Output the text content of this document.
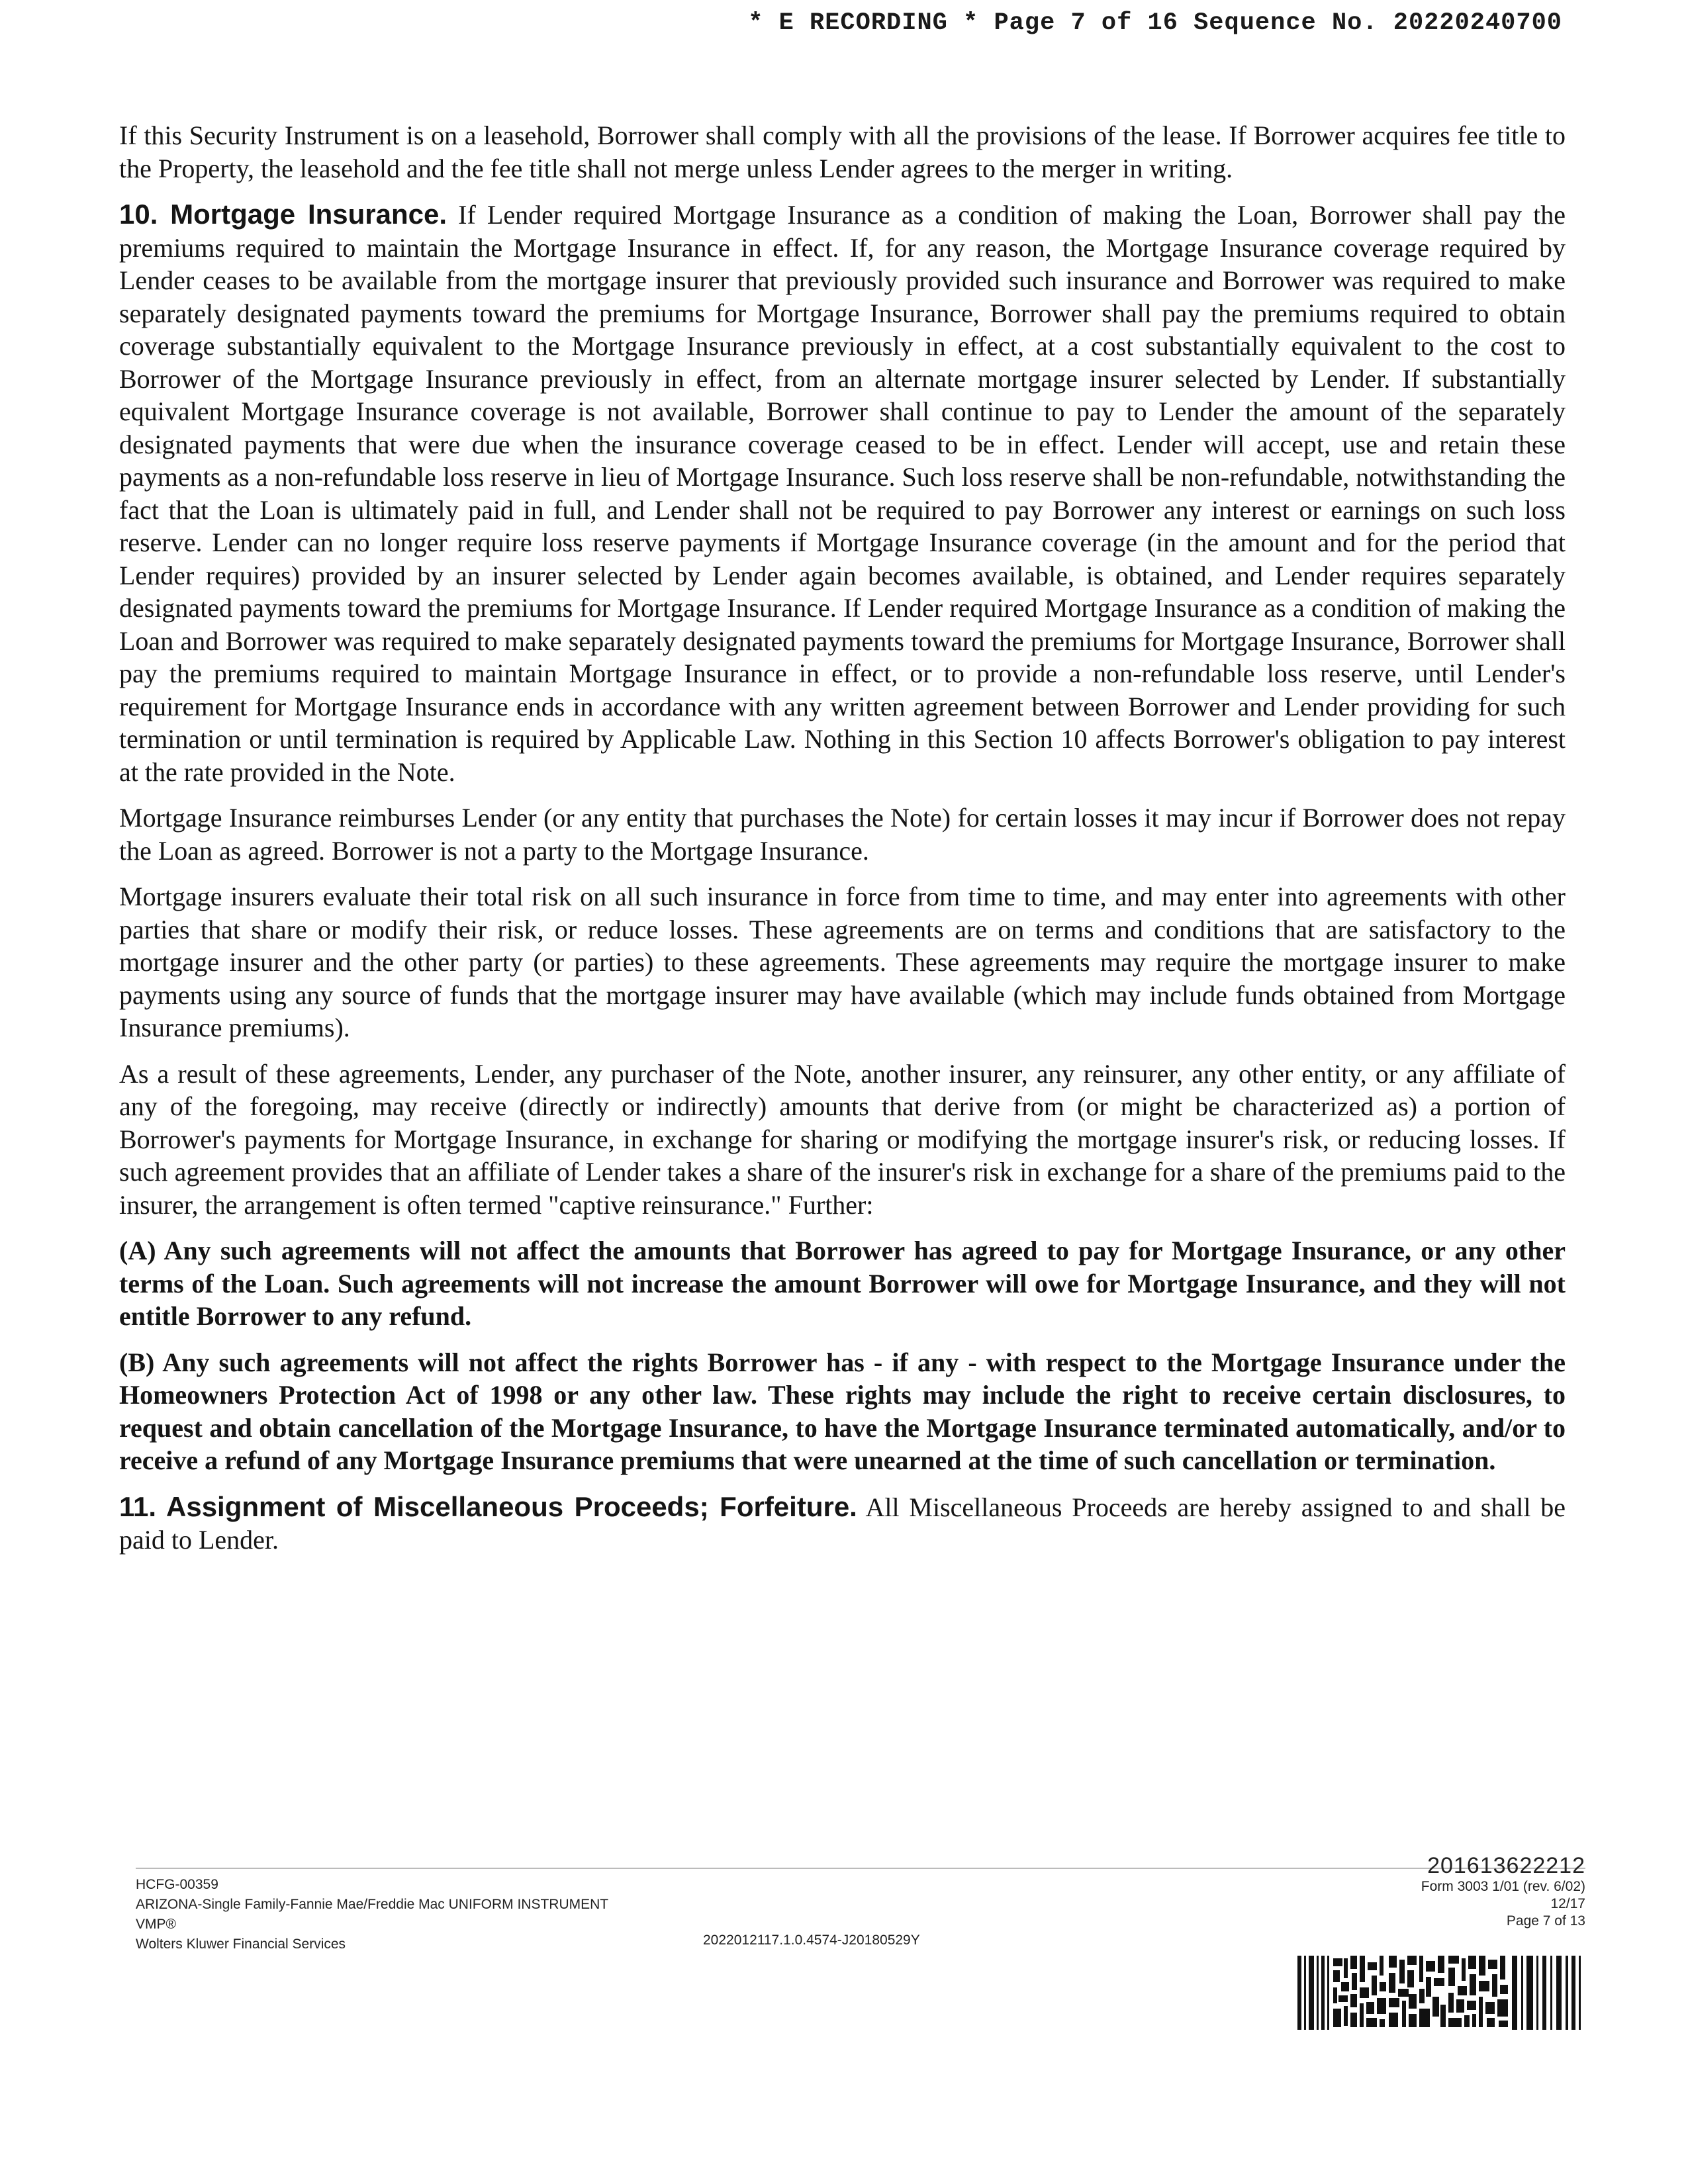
* E RECORDING * Page 7 of 16 Sequence No. 20220240700

If this Security Instrument is on a leasehold, Borrower shall comply with all the provisions of the lease. If Borrower acquires fee title to the Property, the leasehold and the fee title shall not merge unless Lender agrees to the merger in writing.

10. Mortgage Insurance. If Lender required Mortgage Insurance as a condition of making the Loan, Borrower shall pay the premiums required to maintain the Mortgage Insurance in effect. If, for any reason, the Mortgage Insurance coverage required by Lender ceases to be available from the mortgage insurer that previously provided such insurance and Borrower was required to make separately designated payments toward the premiums for Mortgage Insurance, Borrower shall pay the premiums required to obtain coverage substantially equivalent to the Mortgage Insurance previously in effect, at a cost substantially equivalent to the cost to Borrower of the Mortgage Insurance previously in effect, from an alternate mortgage insurer selected by Lender. If substantially equivalent Mortgage Insurance coverage is not available, Borrower shall continue to pay to Lender the amount of the separately designated payments that were due when the insurance coverage ceased to be in effect. Lender will accept, use and retain these payments as a non-refundable loss reserve in lieu of Mortgage Insurance. Such loss reserve shall be non-refundable, notwithstanding the fact that the Loan is ultimately paid in full, and Lender shall not be required to pay Borrower any interest or earnings on such loss reserve. Lender can no longer require loss reserve payments if Mortgage Insurance coverage (in the amount and for the period that Lender requires) provided by an insurer selected by Lender again becomes available, is obtained, and Lender requires separately designated payments toward the premiums for Mortgage Insurance. If Lender required Mortgage Insurance as a condition of making the Loan and Borrower was required to make separately designated payments toward the premiums for Mortgage Insurance, Borrower shall pay the premiums required to maintain Mortgage Insurance in effect, or to provide a non-refundable loss reserve, until Lender's requirement for Mortgage Insurance ends in accordance with any written agreement between Borrower and Lender providing for such termination or until termination is required by Applicable Law. Nothing in this Section 10 affects Borrower's obligation to pay interest at the rate provided in the Note.

Mortgage Insurance reimburses Lender (or any entity that purchases the Note) for certain losses it may incur if Borrower does not repay the Loan as agreed. Borrower is not a party to the Mortgage Insurance.

Mortgage insurers evaluate their total risk on all such insurance in force from time to time, and may enter into agreements with other parties that share or modify their risk, or reduce losses. These agreements are on terms and conditions that are satisfactory to the mortgage insurer and the other party (or parties) to these agreements. These agreements may require the mortgage insurer to make payments using any source of funds that the mortgage insurer may have available (which may include funds obtained from Mortgage Insurance premiums).

As a result of these agreements, Lender, any purchaser of the Note, another insurer, any reinsurer, any other entity, or any affiliate of any of the foregoing, may receive (directly or indirectly) amounts that derive from (or might be characterized as) a portion of Borrower's payments for Mortgage Insurance, in exchange for sharing or modifying the mortgage insurer's risk, or reducing losses. If such agreement provides that an affiliate of Lender takes a share of the insurer's risk in exchange for a share of the premiums paid to the insurer, the arrangement is often termed "captive reinsurance." Further:

(A) Any such agreements will not affect the amounts that Borrower has agreed to pay for Mortgage Insurance, or any other terms of the Loan. Such agreements will not increase the amount Borrower will owe for Mortgage Insurance, and they will not entitle Borrower to any refund.

(B) Any such agreements will not affect the rights Borrower has - if any - with respect to the Mortgage Insurance under the Homeowners Protection Act of 1998 or any other law. These rights may include the right to receive certain disclosures, to request and obtain cancellation of the Mortgage Insurance, to have the Mortgage Insurance terminated automatically, and/or to receive a refund of any Mortgage Insurance premiums that were unearned at the time of such cancellation or termination.

11. Assignment of Miscellaneous Proceeds; Forfeiture. All Miscellaneous Proceeds are hereby assigned to and shall be paid to Lender.

HCFG-00359
ARIZONA-Single Family-Fannie Mae/Freddie Mac UNIFORM INSTRUMENT
VMP®
Wolters Kluwer Financial Services	2022012117.1.0.4574-J20180529Y
201613622212
Form 3003 1/01 (rev. 6/02)
12/17
Page 7 of 13
